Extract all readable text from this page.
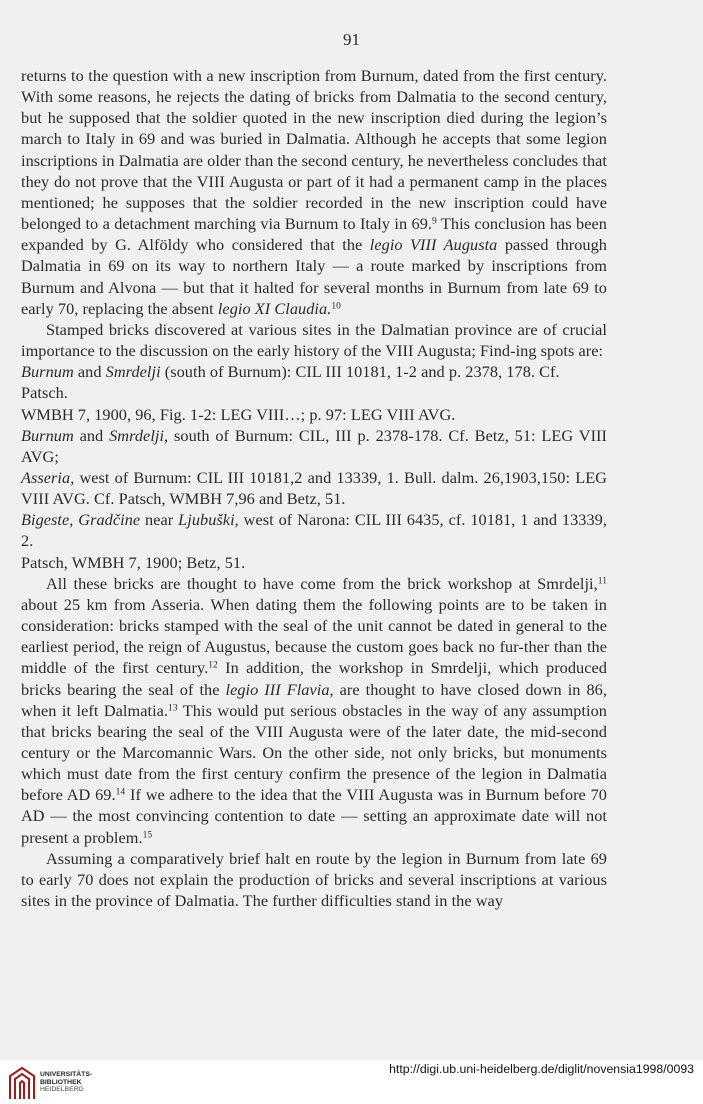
91

returns to the question with a new inscription from Burnum, dated from the first century. With some reasons, he rejects the dating of bricks from Dalmatia to the second century, but he supposed that the soldier quoted in the new inscription died during the legion’s march to Italy in 69 and was buried in Dalmatia. Although he accepts that some legion inscriptions in Dalmatia are older than the second century, he nevertheless concludes that they do not prove that the VIII Augusta or part of it had a permanent camp in the places mentioned; he supposes that the soldier recorded in the new inscription could have belonged to a detachment marching via Burnum to Italy in 69.$^9$ This conclusion has been expanded by G. Alföldy who considered that the legio VIII Augusta passed through Dalmatia in 69 on its way to northern Italy — a route marked by inscriptions from Burnum and Alvona — but that it halted for several months in Burnum from late 69 to early 70, replacing the absent legio XI Claudia.$^{10}$

Stamped bricks discovered at various sites in the Dalmatian province are of crucial importance to the discussion on the early history of the VIII Augusta; Find-ing spots are:

Burnum and Smrdelji (south of Burnum): CIL III 10181, 1-2 and p. 2378, 178. Cf. Patsch.

WMBH 7, 1900, 96, Fig. 1-2: LEG VIII…; p. 97: LEG VIII AVG.

Burnum and Smrdelji, south of Burnum: CIL, III p. 2378-178. Cf. Betz, 51: LEG VIII AVG;

Asseria, west of Burnum: CIL III 10181,2 and 13339, 1. Bull. dalm. 26,1903,150: LEG VIII AVG. Cf. Patsch, WMBH 7,96 and Betz, 51.

Bigeste, Gradčine near Ljubuški, west of Narona: CIL III 6435, cf. 10181, 1 and 13339, 2.

Patsch, WMBH 7, 1900; Betz, 51.

All these bricks are thought to have come from the brick workshop at Smrdelji,$^{11}$ about 25 km from Asseria. When dating them the following points are to be taken in consideration: bricks stamped with the seal of the unit cannot be dated in general to the earliest period, the reign of Augustus, because the custom goes back no fur-ther than the middle of the first century.$^{12}$ In addition, the workshop in Smrdelji, which produced bricks bearing the seal of the legio III Flavia, are thought to have closed down in 86, when it left Dalmatia.$^{13}$ This would put serious obstacles in the way of any assumption that bricks bearing the seal of the VIII Augusta were of the later date, the mid-second century or the Marcomannic Wars. On the other side, not only bricks, but monuments which must date from the first century confirm the presence of the legion in Dalmatia before AD 69.14 If we adhere to the idea that the VIII Augusta was in Burnum before 70 AD — the most convincing contention to date — setting an approximate date will not present a problem.$^{15}$

Assuming a comparatively brief halt en route by the legion in Burnum from late 69 to early 70 does not explain the production of bricks and several inscriptions at various sites in the province of Dalmatia. The further difficulties stand in the way

UNIVERSITÄTS-
BIBLIOTHEK
HEIDELBERG
http://digi.ub.uni-heidelberg.de/diglit/novensia1998/0093
